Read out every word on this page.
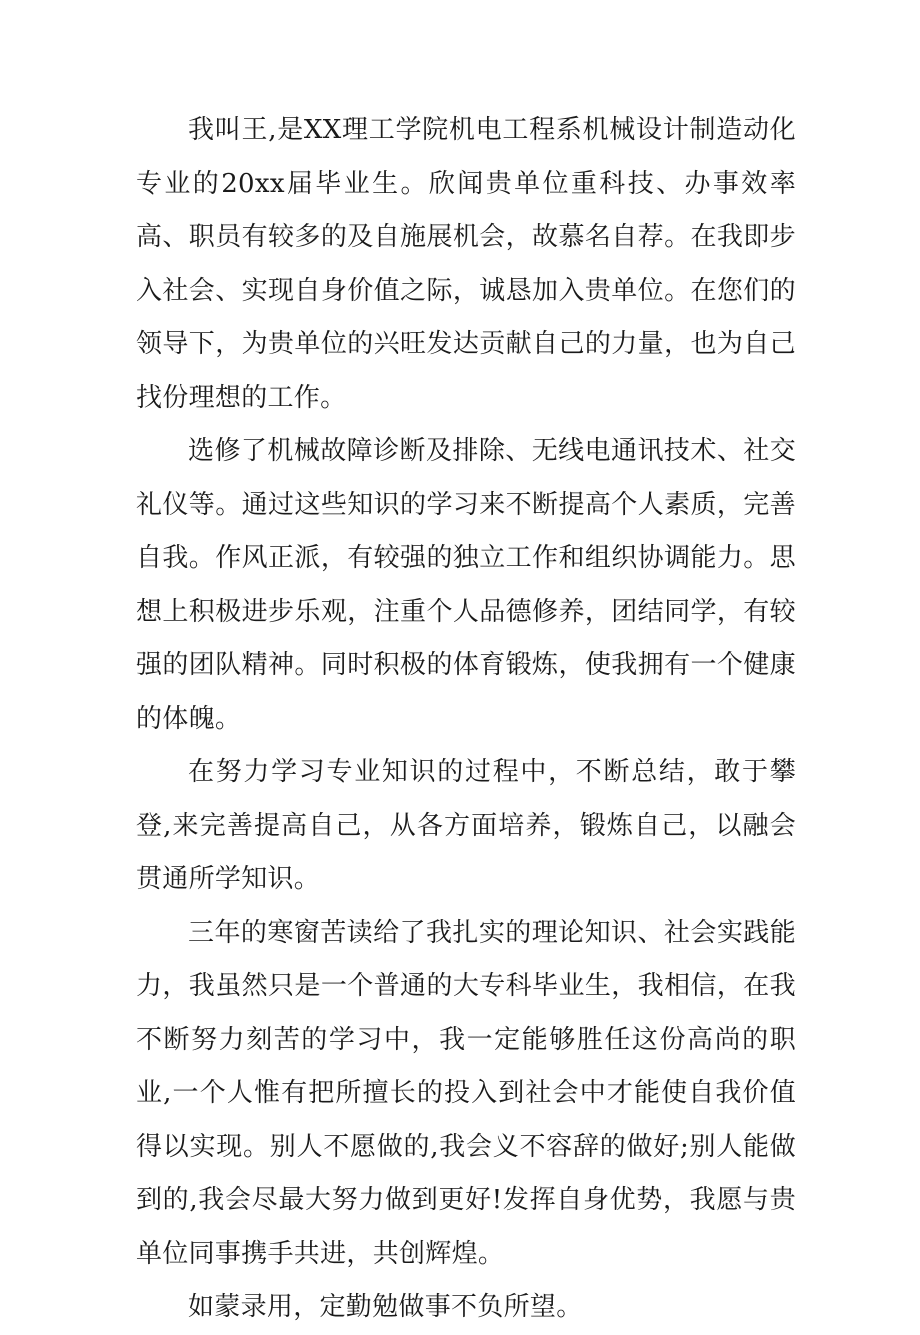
我叫王,是XX理工学院机电工程系机械设计制造动化专业的20xx届毕业生。欣闻贵单位重科技、办事效率高、职员有较多的及自施展机会，故慕名自荐。在我即步入社会、实现自身价值之际，诚恳加入贵单位。在您们的领导下，为贵单位的兴旺发达贡献自己的力量，也为自己找份理想的工作。

选修了机械故障诊断及排除、无线电通讯技术、社交礼仪等。通过这些知识的学习来不断提高个人素质，完善自我。作风正派，有较强的独立工作和组织协调能力。思想上积极进步乐观，注重个人品德修养，团结同学，有较强的团队精神。同时积极的体育锻炼，使我拥有一个健康的体魄。

在努力学习专业知识的过程中，不断总结，敢于攀登,来完善提高自己，从各方面培养，锻炼自己，以融会贯通所学知识。

三年的寒窗苦读给了我扎实的理论知识、社会实践能力，我虽然只是一个普通的大专科毕业生，我相信，在我不断努力刻苦的学习中，我一定能够胜任这份高尚的职业,一个人惟有把所擅长的投入到社会中才能使自我价值得以实现。别人不愿做的,我会义不容辞的做好;别人能做到的,我会尽最大努力做到更好!发挥自身优势，我愿与贵单位同事携手共进，共创辉煌。

如蒙录用，定勤勉做事不负所望。
